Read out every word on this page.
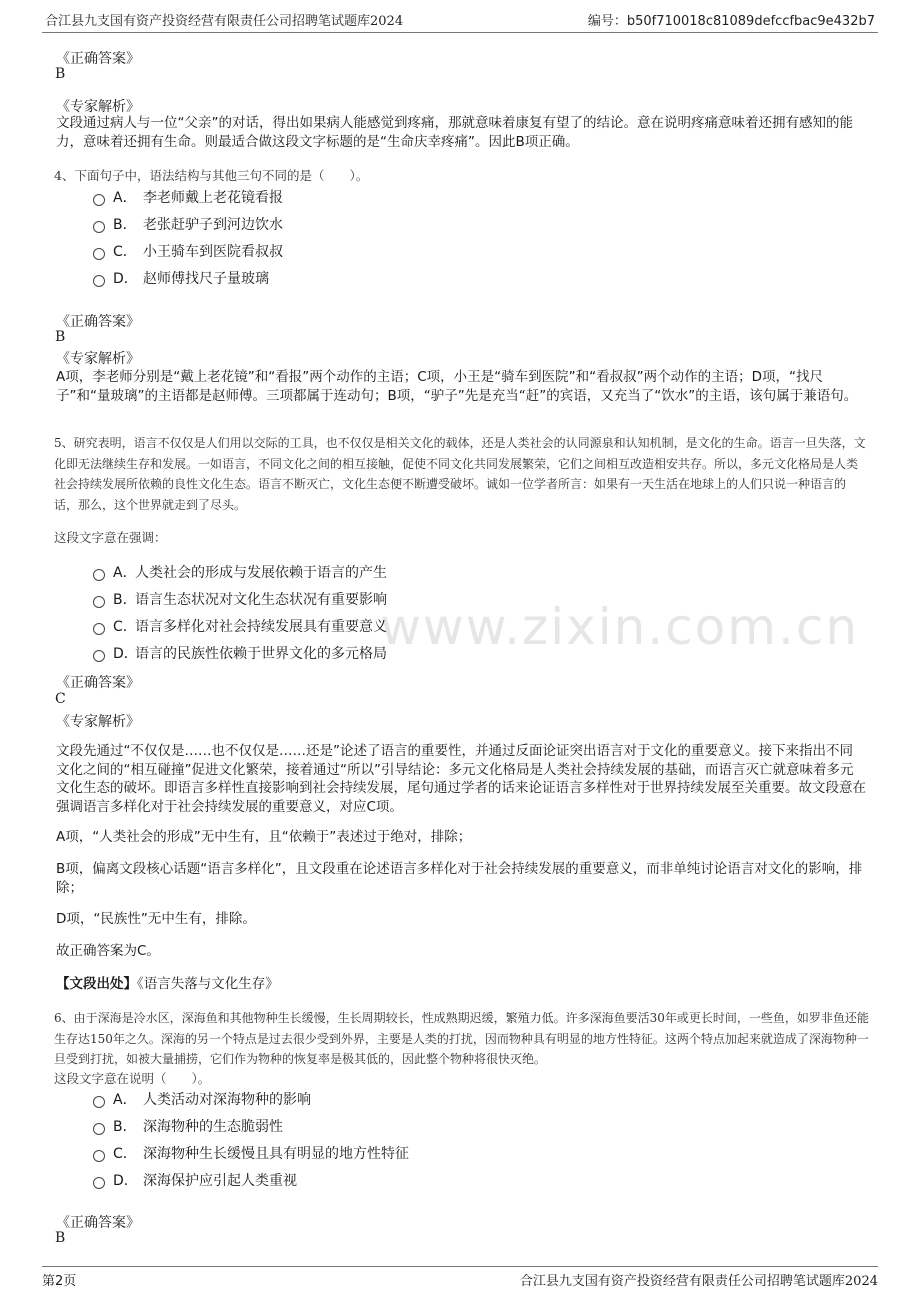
合江县九支国有资产投资经营有限责任公司招聘笔试题库2024	编号：b50f710018c81089defccfbac9e432b7
www.zixin.com.cn
《正确答案》
B
《专家解析》
文段通过病人与一位“父亲”的对话，得出如果病人能感觉到疼痛，那就意味着康复有望了的结论。意在说明疼痛意味着还拥有感知的能力，意味着还拥有生命。则最适合做这段文字标题的是“生命庆幸疼痛”。因此B项正确。
4、下面句子中，语法结构与其他三句不同的是（　　）。
A． 李老师戴上老花镜看报
B． 老张赶驴子到河边饮水
C． 小王骑车到医院看叔叔
D． 赵师傅找尺子量玻璃
《正确答案》
B
《专家解析》
A项，李老师分别是“戴上老花镜”和“看报”两个动作的主语；C项，小王是“骑车到医院”和“看叔叔”两个动作的主语；D项，“找尺子”和“量玻璃”的主语都是赵师傅。三项都属于连动句；B项，“驴子”先是充当“赶”的宾语，又充当了“饮水”的主语，该句属于兼语句。
5、研究表明，语言不仅仅是人们用以交际的工具，也不仅仅是相关文化的载体，还是人类社会的认同源泉和认知机制，是文化的生命。语言一旦失落，文化即无法继续生存和发展。一如语言，不同文化之间的相互接触，促使不同文化共同发展繁荣，它们之间相互改造相安共存。所以，多元文化格局是人类社会持续发展所依赖的良性文化生态。语言不断灭亡，文化生态便不断遭受破坏。诚如一位学者所言：如果有一天生活在地球上的人们只说一种语言的话，那么，这个世界就走到了尽头。
这段文字意在强调：
A．
人类社会的形成与发展依赖于语言的产生
B．
语言生态状况对文化生态状况有重要影响
C．
语言多样化对社会持续发展具有重要意义
D．
语言的民族性依赖于世界文化的多元格局
《正确答案》
C
《专家解析》
文段先通过“不仅仅是……也不仅仅是……还是”论述了语言的重要性，并通过反面论证突出语言对于文化的重要意义。接下来指出不同文化之间的“相互碰撞”促进文化繁荣，接着通过“所以”引导结论：多元文化格局是人类社会持续发展的基础，而语言灭亡就意味着多元文化生态的破坏。即语言多样性直接影响到社会持续发展，尾句通过学者的话来论证语言多样性对于世界持续发展至关重要。故文段意在强调语言多样化对于社会持续发展的重要意义，对应C项。
A项，“人类社会的形成”无中生有，且“依赖于”表述过于绝对，排除；
B项，偏离文段核心话题“语言多样化”，且文段重在论述语言多样化对于社会持续发展的重要意义，而非单纯讨论语言对文化的影响，排除；
D项，“民族性”无中生有，排除。
故正确答案为C。
【文段出处】《语言失落与文化生存》
6、由于深海是冷水区，深海鱼和其他物种生长缓慢，生长周期较长，性成熟期迟缓，繁殖力低。许多深海鱼要活30年或更长时间，一些鱼，如罗非鱼还能生存达150年之久。深海的另一个特点是过去很少受到外界，主要是人类的打扰，因而物种具有明显的地方性特征。这两个特点加起来就造成了深海物种一旦受到打扰，如被大量捕捞，它们作为物种的恢复率是极其低的，因此整个物种将很快灭绝。
这段文字意在说明（　　）。
A． 人类活动对深海物种的影响
B． 深海物种的生态脆弱性
C． 深海物种生长缓慢且具有明显的地方性特征
D． 深海保护应引起人类重视
《正确答案》
B
第2页	合江县九支国有资产投资经营有限责任公司招聘笔试题库2024
